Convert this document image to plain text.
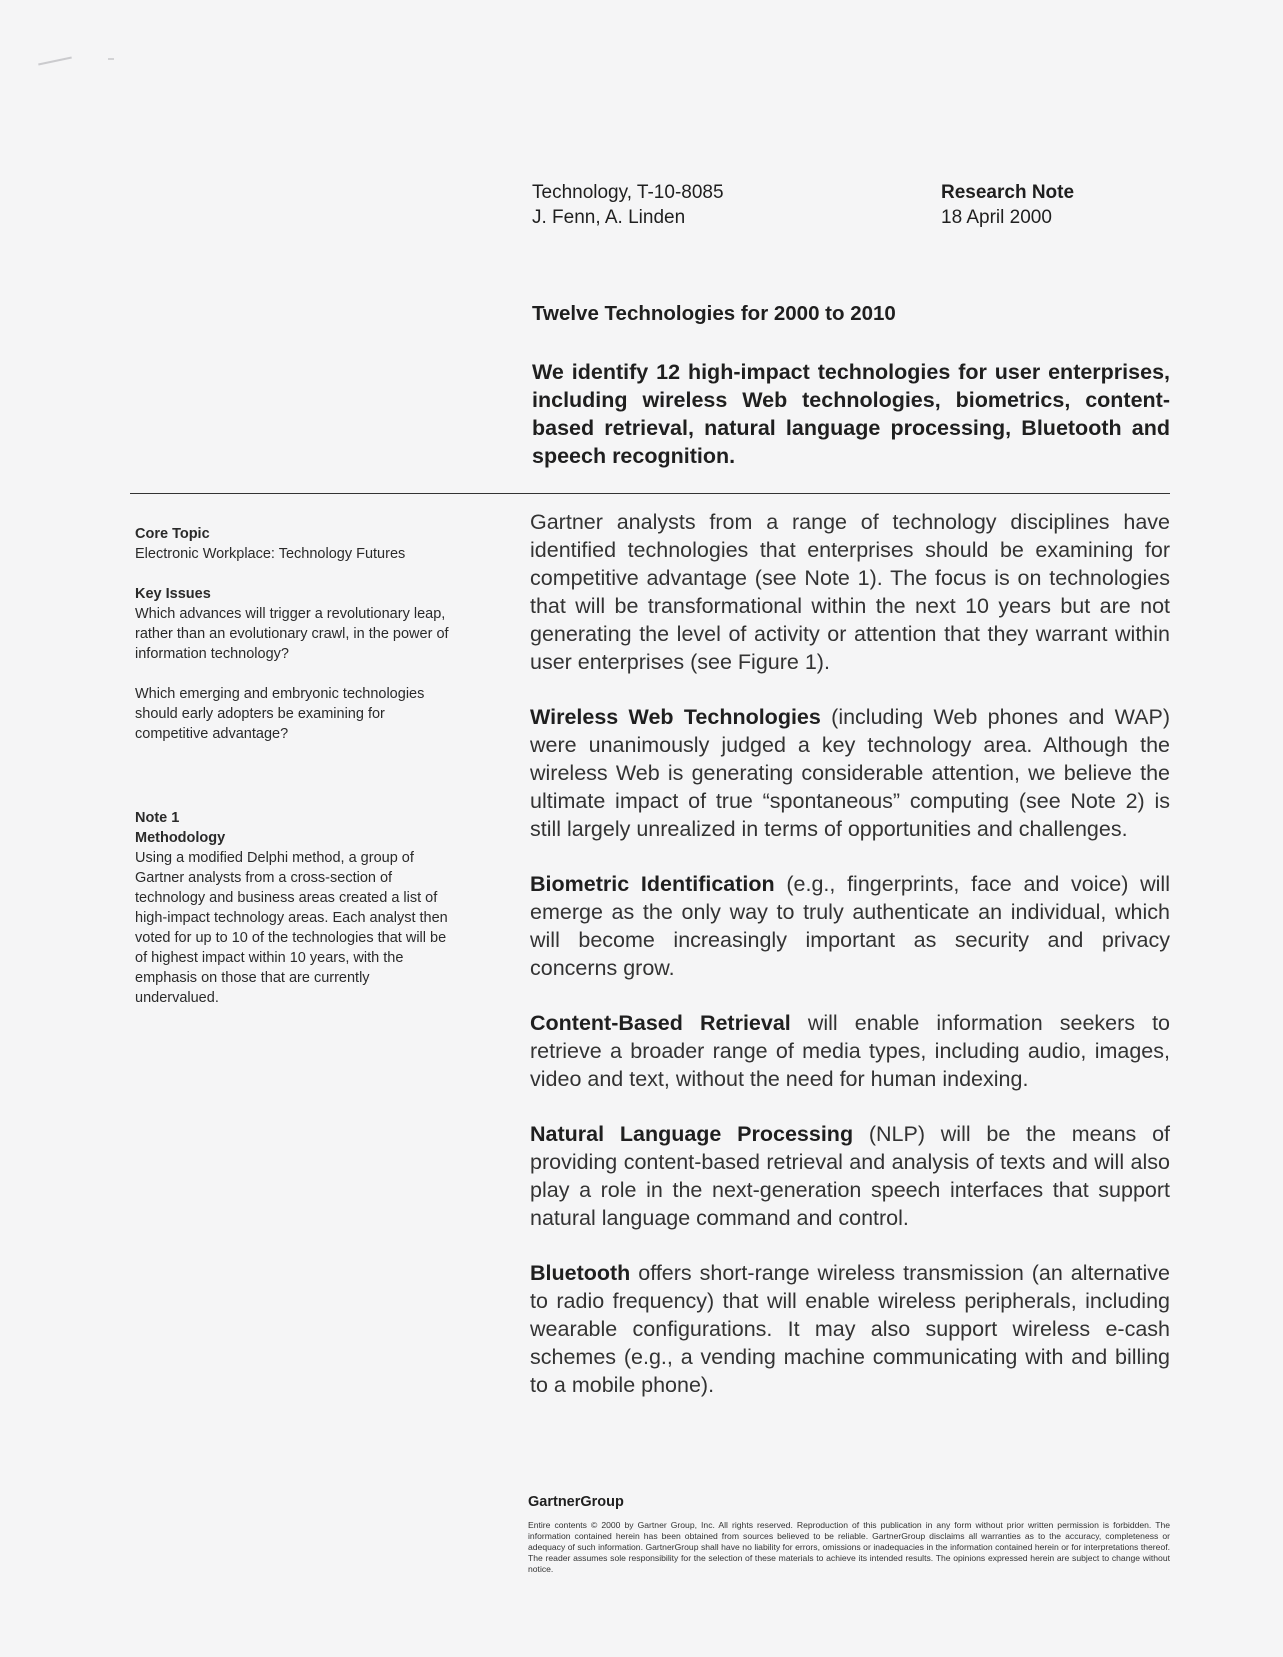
Technology, T-10-8085
J. Fenn, A. Linden
Research Note
18 April 2000
Twelve Technologies for 2000 to 2010
We identify 12 high-impact technologies for user enterprises, including wireless Web technologies, biometrics, content-based retrieval, natural language processing, Bluetooth and speech recognition.

Core Topic

Electronic Workplace: Technology Futures

Key Issues

Which advances will trigger a revolutionary leap, rather than an evolutionary crawl, in the power of information technology?

Which emerging and embryonic technologies should early adopters be examining for competitive advantage?

Note 1

Methodology

Using a modified Delphi method, a group of Gartner analysts from a cross-section of technology and business areas created a list of high-impact technology areas. Each analyst then voted for up to 10 of the technologies that will be of highest impact within 10 years, with the emphasis on those that are currently undervalued.

Gartner analysts from a range of technology disciplines have identified technologies that enterprises should be examining for competitive advantage (see Note 1). The focus is on technologies that will be transformational within the next 10 years but are not generating the level of activity or attention that they warrant within user enterprises (see Figure 1).

Wireless Web Technologies (including Web phones and WAP) were unanimously judged a key technology area. Although the wireless Web is generating considerable attention, we believe the ultimate impact of true “spontaneous” computing (see Note 2) is still largely unrealized in terms of opportunities and challenges.

Biometric Identification (e.g., fingerprints, face and voice) will emerge as the only way to truly authenticate an individual, which will become increasingly important as security and privacy concerns grow.

Content-Based Retrieval will enable information seekers to retrieve a broader range of media types, including audio, images, video and text, without the need for human indexing.

Natural Language Processing (NLP) will be the means of providing content-based retrieval and analysis of texts and will also play a role in the next-generation speech interfaces that support natural language command and control.

Bluetooth offers short-range wireless transmission (an alternative to radio frequency) that will enable wireless peripherals, including wearable configurations. It may also support wireless e-cash schemes (e.g., a vending machine communicating with and billing to a mobile phone).

GartnerGroup
Entire contents © 2000 by Gartner Group, Inc. All rights reserved. Reproduction of this publication in any form without prior written permission is forbidden. The information contained herein has been obtained from sources believed to be reliable. GartnerGroup disclaims all warranties as to the accuracy, completeness or adequacy of such information. GartnerGroup shall have no liability for errors, omissions or inadequacies in the information contained herein or for interpretations thereof. The reader assumes sole responsibility for the selection of these materials to achieve its intended results. The opinions expressed herein are subject to change without notice.
